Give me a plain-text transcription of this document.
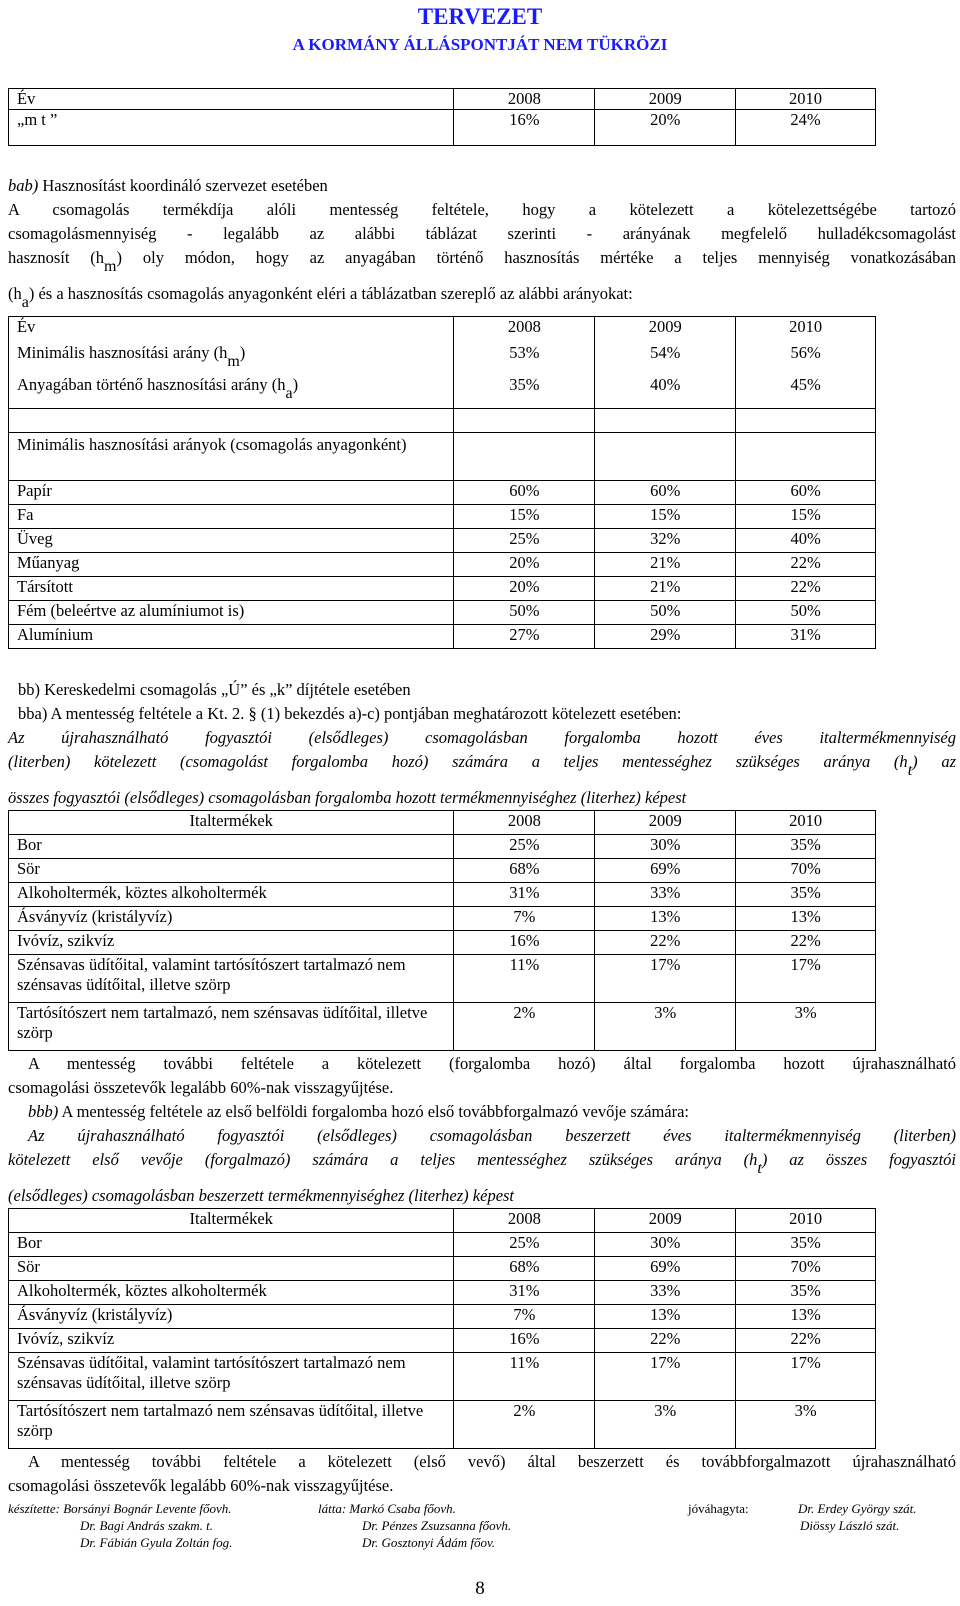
TERVEZET
A KORMÁNY ÁLLÁSPONTJÁT NEM TÜKRÖZI
Év	2008	2009	2010
„m t ”	16%	20%	24%
bab) Hasznosítást koordináló szervezet esetében
A csomagolás termékdíja alóli mentesség feltétele, hogy a kötelezett a kötelezettségébe tartozó
csomagolásmennyiség - legalább az alábbi táblázat szerinti - arányának megfelelő hulladékcsomagolást
hasznosít (hm) oly módon, hogy az anyagában történő hasznosítás mértéke a teljes mennyiség vonatkozásában
(ha) és a hasznosítás csomagolás anyagonként eléri a táblázatban szereplő az alábbi arányokat:
Év	2008	2009	2010
Minimális hasznosítási arány (hm)	53%	54%	56%
Anyagában történő hasznosítási arány (ha)	35%	40%	45%

Minimális hasznosítási arányok (csomagolás anyagonként)			
Papír	60%	60%	60%
Fa	15%	15%	15%
Üveg	25%	32%	40%
Műanyag	20%	21%	22%
Társított	20%	21%	22%
Fém (beleértve az alumíniumot is)	50%	50%	50%
Alumínium	27%	29%	31%
bb) Kereskedelmi csomagolás „Ú” és „k” díjtétele esetében
bba) A mentesség feltétele a Kt. 2. § (1) bekezdés a)-c) pontjában meghatározott kötelezett esetében:
Az újrahasználható fogyasztói (elsődleges) csomagolásban forgalomba hozott éves italtermékmennyiség
(literben) kötelezett (csomagolást forgalomba hozó) számára a teljes mentességhez szükséges aránya (ht) az
összes fogyasztói (elsődleges) csomagolásban forgalomba hozott termékmennyiséghez (literhez) képest
Italtermékek	2008	2009	2010
Bor	25%	30%	35%
Sör	68%	69%	70%
Alkoholtermék, köztes alkoholtermék	31%	33%	35%
Ásványvíz (kristályvíz)	7%	13%	13%
Ivóvíz, szikvíz	16%	22%	22%
Szénsavas üdítőital, valamint tartósítószert tartalmazó nem szénsavas üdítőital, illetve szörp	11%	17%	17%
Tartósítószert nem tartalmazó, nem szénsavas üdítőital, illetve szörp	2%	3%	3%
A mentesség további feltétele a kötelezett (forgalomba hozó) által forgalomba hozott újrahasználható
csomagolási összetevők legalább 60%-nak visszagyűjtése.
bbb) A mentesség feltétele az első belföldi forgalomba hozó első továbbforgalmazó vevője számára:
Az újrahasználható fogyasztói (elsődleges) csomagolásban beszerzett éves italtermékmennyiség (literben)
kötelezett első vevője (forgalmazó) számára a teljes mentességhez szükséges aránya (ht) az összes fogyasztói
(elsődleges) csomagolásban beszerzett termékmennyiséghez (literhez) képest
Italtermékek	2008	2009	2010
Bor	25%	30%	35%
Sör	68%	69%	70%
Alkoholtermék, köztes alkoholtermék	31%	33%	35%
Ásványvíz (kristályvíz)	7%	13%	13%
Ivóvíz, szikvíz	16%	22%	22%
Szénsavas üdítőital, valamint tartósítószert tartalmazó nem szénsavas üdítőital, illetve szörp	11%	17%	17%
Tartósítószert nem tartalmazó nem szénsavas üdítőital, illetve szörp	2%	3%	3%
A mentesség további feltétele a kötelezett (első vevő) által beszerzett és továbbforgalmazott újrahasználható
csomagolási összetevők legalább 60%-nak visszagyűjtése.
készítette: Borsányi Bognár Levente főovh.
Dr. Bagi András szakm. t.
Dr. Fábián Gyula Zoltán fog.
látta: Markó Csaba főovh.
Dr. Pénzes Zsuzsanna főovh.
Dr. Gosztonyi Ádám főov.
jóváhagyta:	Dr. Erdey György szát.
Diössy László szát.
8
